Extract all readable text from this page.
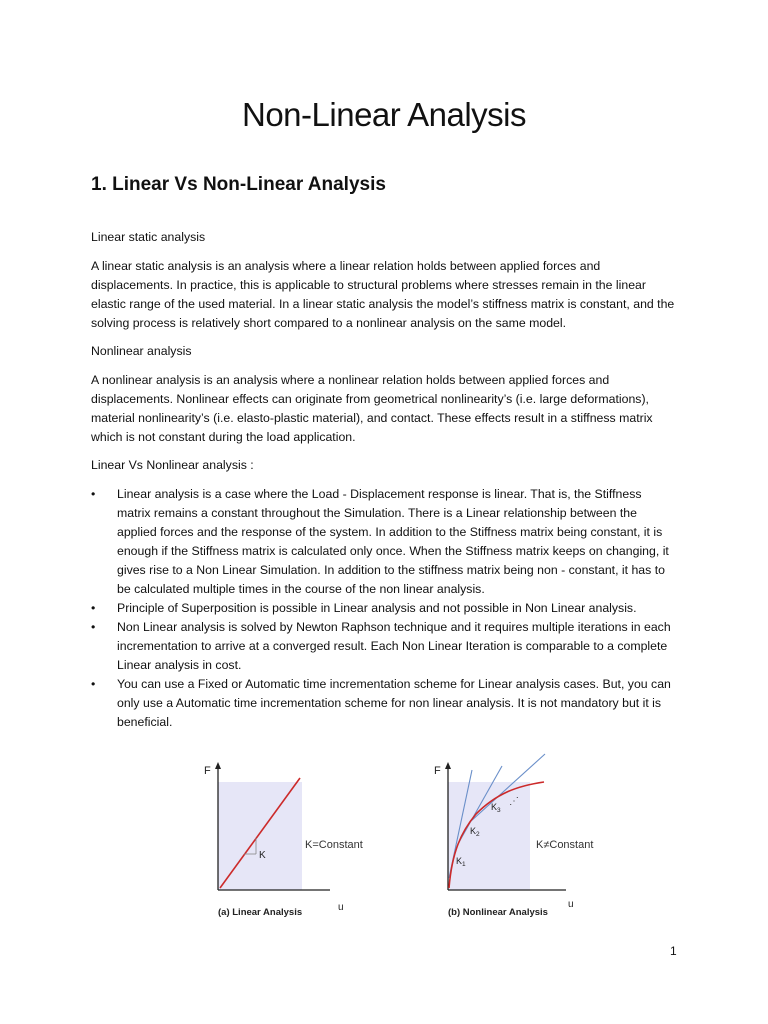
Non-Linear Analysis
1. Linear Vs Non-Linear Analysis
Linear static analysis
A linear static analysis is an analysis where a linear relation holds between applied forces and displacements. In practice, this is applicable to structural problems where stresses remain in the linear elastic range of the used material. In a linear static analysis the model’s stiffness matrix is constant, and the solving process is relatively short compared to a nonlinear analysis on the same model.
Nonlinear analysis
A nonlinear analysis is an analysis where a nonlinear relation holds between applied forces and displacements. Nonlinear effects can originate from geometrical nonlinearity’s (i.e. large deformations), material nonlinearity’s (i.e. elasto-plastic material), and contact. These effects result in a stiffness matrix which is not constant during the load application.
Linear Vs Nonlinear analysis :
• Linear analysis is a case where the Load - Displacement response is linear. That is, the Stiffness matrix remains a constant throughout the Simulation. There is a Linear relationship between the applied forces and the response of the system. In addition to the Stiffness matrix being constant, it is enough if the Stiffness matrix is calculated only once. When the Stiffness matrix keeps on changing, it gives rise to a Non Linear Simulation. In addition to the stiffness matrix being non - constant, it has to be calculated multiple times in the course of the non linear analysis.
• Principle of Superposition is possible in Linear analysis and not possible in Non Linear analysis.
• Non Linear analysis is solved by Newton Raphson technique and it requires multiple iterations in each incrementation to arrive at a converged result. Each Non Linear Iteration is comparable to a complete Linear analysis in cost.
• You can use a Fixed or Automatic time incrementation scheme for Linear analysis cases. But, you can only use a Automatic time incrementation scheme for non linear analysis. It is not mandatory but it is beneficial.
F
u
K
K=Constant
(a) Linear Analysis
F
u
$K_1$
$K_2$
$K_3$
⋰
K≠Constant
(b) Nonlinear Analysis
1
